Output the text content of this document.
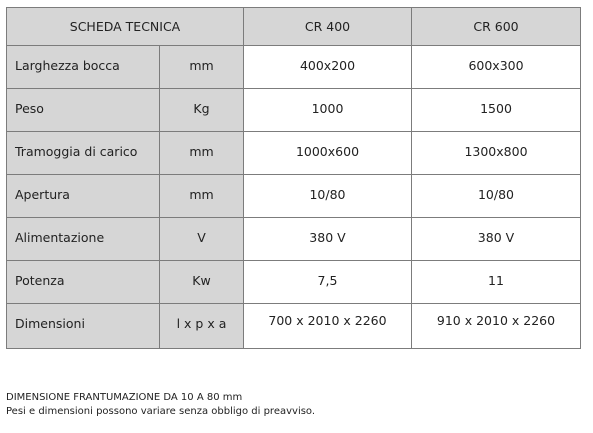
SCHEDA TECNICA		CR 400	CR 600
Larghezza bocca	mm	400x200	600x300
Peso	Kg	1000	1500
Tramoggia di carico	mm	1000x600	1300x800
Apertura	mm	10/80	10/80
Alimentazione	V	380 V	380 V
Potenza	Kw	7,5	11
Dimensioni	l x p x a	700 x 2010 x 2260	910 x 2010 x 2260
DIMENSIONE FRANTUMAZIONE DA 10 A 80 mm
Pesi e dimensioni possono variare senza obbligo di preavviso.
